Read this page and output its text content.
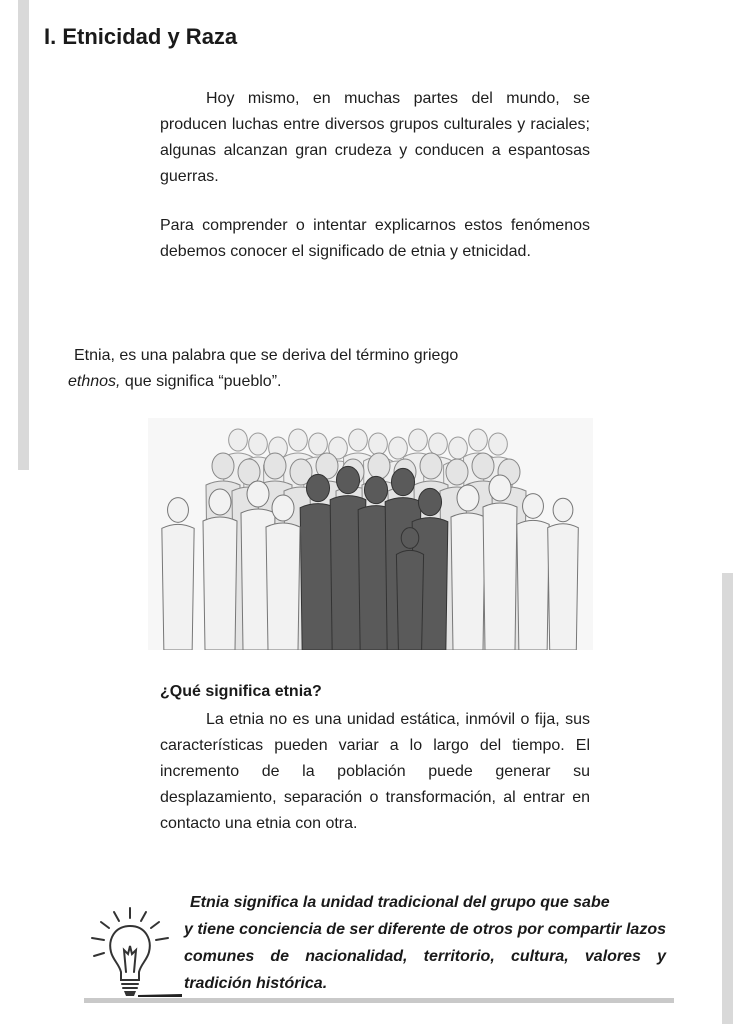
I. Etnicidad y Raza

Hoy mismo, en muchas partes del mundo, se producen luchas entre diversos grupos culturales y raciales; algunas alcanzan gran crudeza y conducen a espantosas guerras.

Para comprender o intentar explicarnos estos fenómenos debemos conocer el significado de etnia y etnicidad.

Etnia, es una palabra que se deriva del término griego
ethnos, que significa “pueblo”.

¿Qué significa etnia?

La etnia no es una unidad estática, inmóvil o fija, sus características pueden variar a lo largo del tiempo. El incremento de la población puede generar su desplazamiento, separación o transformación, al entrar en contacto una etnia con otra.

Etnia significa la unidad tradicional del grupo que sabe
y tiene conciencia de ser diferente de otros por compartir lazos comunes de nacionalidad, territorio, cultura, valores y tradición histórica.
